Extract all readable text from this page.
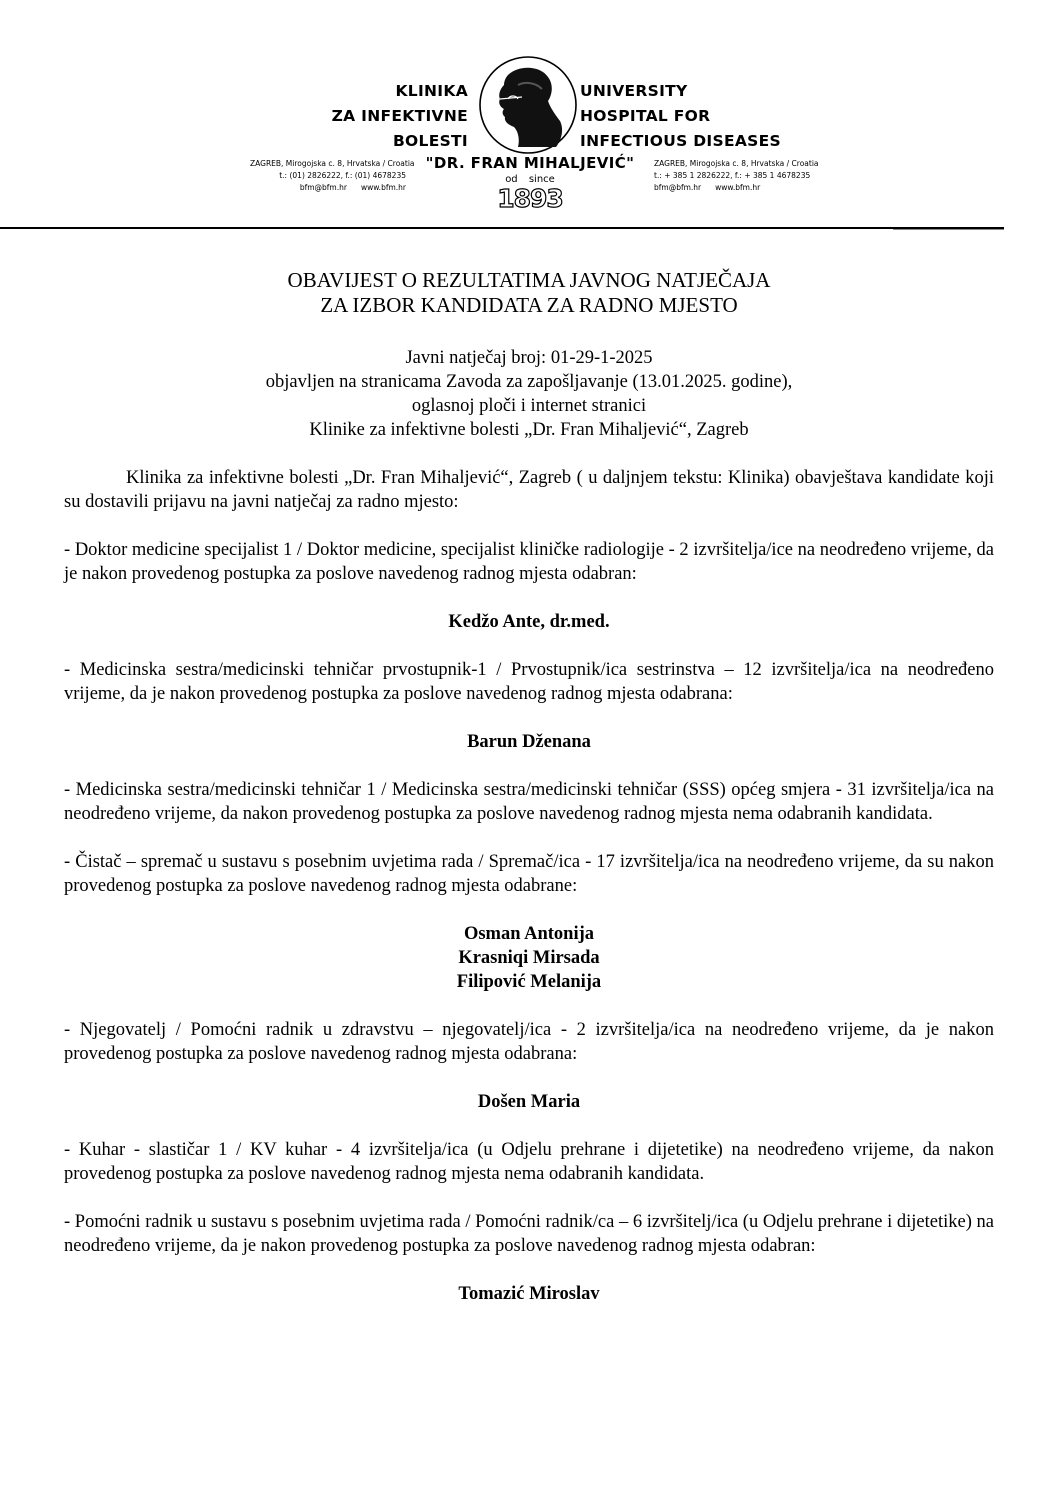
KLINIKA
ZA INFEKTIVNE
BOLESTI
UNIVERSITY
HOSPITAL FOR
INFECTIOUS DISEASES
ZAGREB, Mirogojska c. 8, Hrvatska / Croatia
t.: (01) 2826222, f.: (01) 4678235
bfm@bfm.hr www.bfm.hr
"DR. FRAN MIHALJEVIĆ"
od since
1893
ZAGREB, Mirogojska c. 8, Hrvatska / Croatia
t.: + 385 1 2826222, f.: + 385 1 4678235
bfm@bfm.hr www.bfm.hr
OBAVIJEST O REZULTATIMA JAVNOG NATJEČAJA
ZA IZBOR KANDIDATA ZA RADNO MJESTO
Javni natječaj broj: 01-29-1-2025
objavljen na stranicama Zavoda za zapošljavanje (13.01.2025. godine),
oglasnoj ploči i internet stranici
Klinike za infektivne bolesti „Dr. Fran Mihaljević“, Zagreb

Klinika za infektivne bolesti „Dr. Fran Mihaljević“, Zagreb ( u daljnjem tekstu: Klinika) obavještava kandidate koji su dostavili prijavu na javni natječaj za radno mjesto:

- Doktor medicine specijalist 1 / Doktor medicine, specijalist kliničke radiologije - 2 izvršitelja/ice na neodređeno vrijeme, da je nakon provedenog postupka za poslove navedenog radnog mjesta odabran:

Kedžo Ante, dr.med.

- Medicinska sestra/medicinski tehničar prvostupnik-1 / Prvostupnik/ica sestrinstva – 12 izvršitelja/ica na neodređeno vrijeme, da je nakon provedenog postupka za poslove navedenog radnog mjesta odabrana:

Barun Dženana

- Medicinska sestra/medicinski tehničar 1 / Medicinska sestra/medicinski tehničar (SSS) općeg smjera - 31 izvršitelja/ica na neodređeno vrijeme, da nakon provedenog postupka za poslove navedenog radnog mjesta nema odabranih kandidata.

- Čistač – spremač u sustavu s posebnim uvjetima rada / Spremač/ica - 17 izvršitelja/ica na neodređeno vrijeme, da su nakon provedenog postupka za poslove navedenog radnog mjesta odabrane:

Osman Antonija
Krasniqi Mirsada
Filipović Melanija

- Njegovatelj / Pomoćni radnik u zdravstvu – njegovatelj/ica - 2 izvršitelja/ica na neodređeno vrijeme, da je nakon provedenog postupka za poslove navedenog radnog mjesta odabrana:

Došen Maria

- Kuhar - slastičar 1 / KV kuhar - 4 izvršitelja/ica (u Odjelu prehrane i dijetetike) na neodređeno vrijeme, da nakon provedenog postupka za poslove navedenog radnog mjesta nema odabranih kandidata.

- Pomoćni radnik u sustavu s posebnim uvjetima rada / Pomoćni radnik/ca – 6 izvršitelj/ica (u Odjelu prehrane i dijetetike) na neodređeno vrijeme, da je nakon provedenog postupka za poslove navedenog radnog mjesta odabran:

Tomazić Miroslav
